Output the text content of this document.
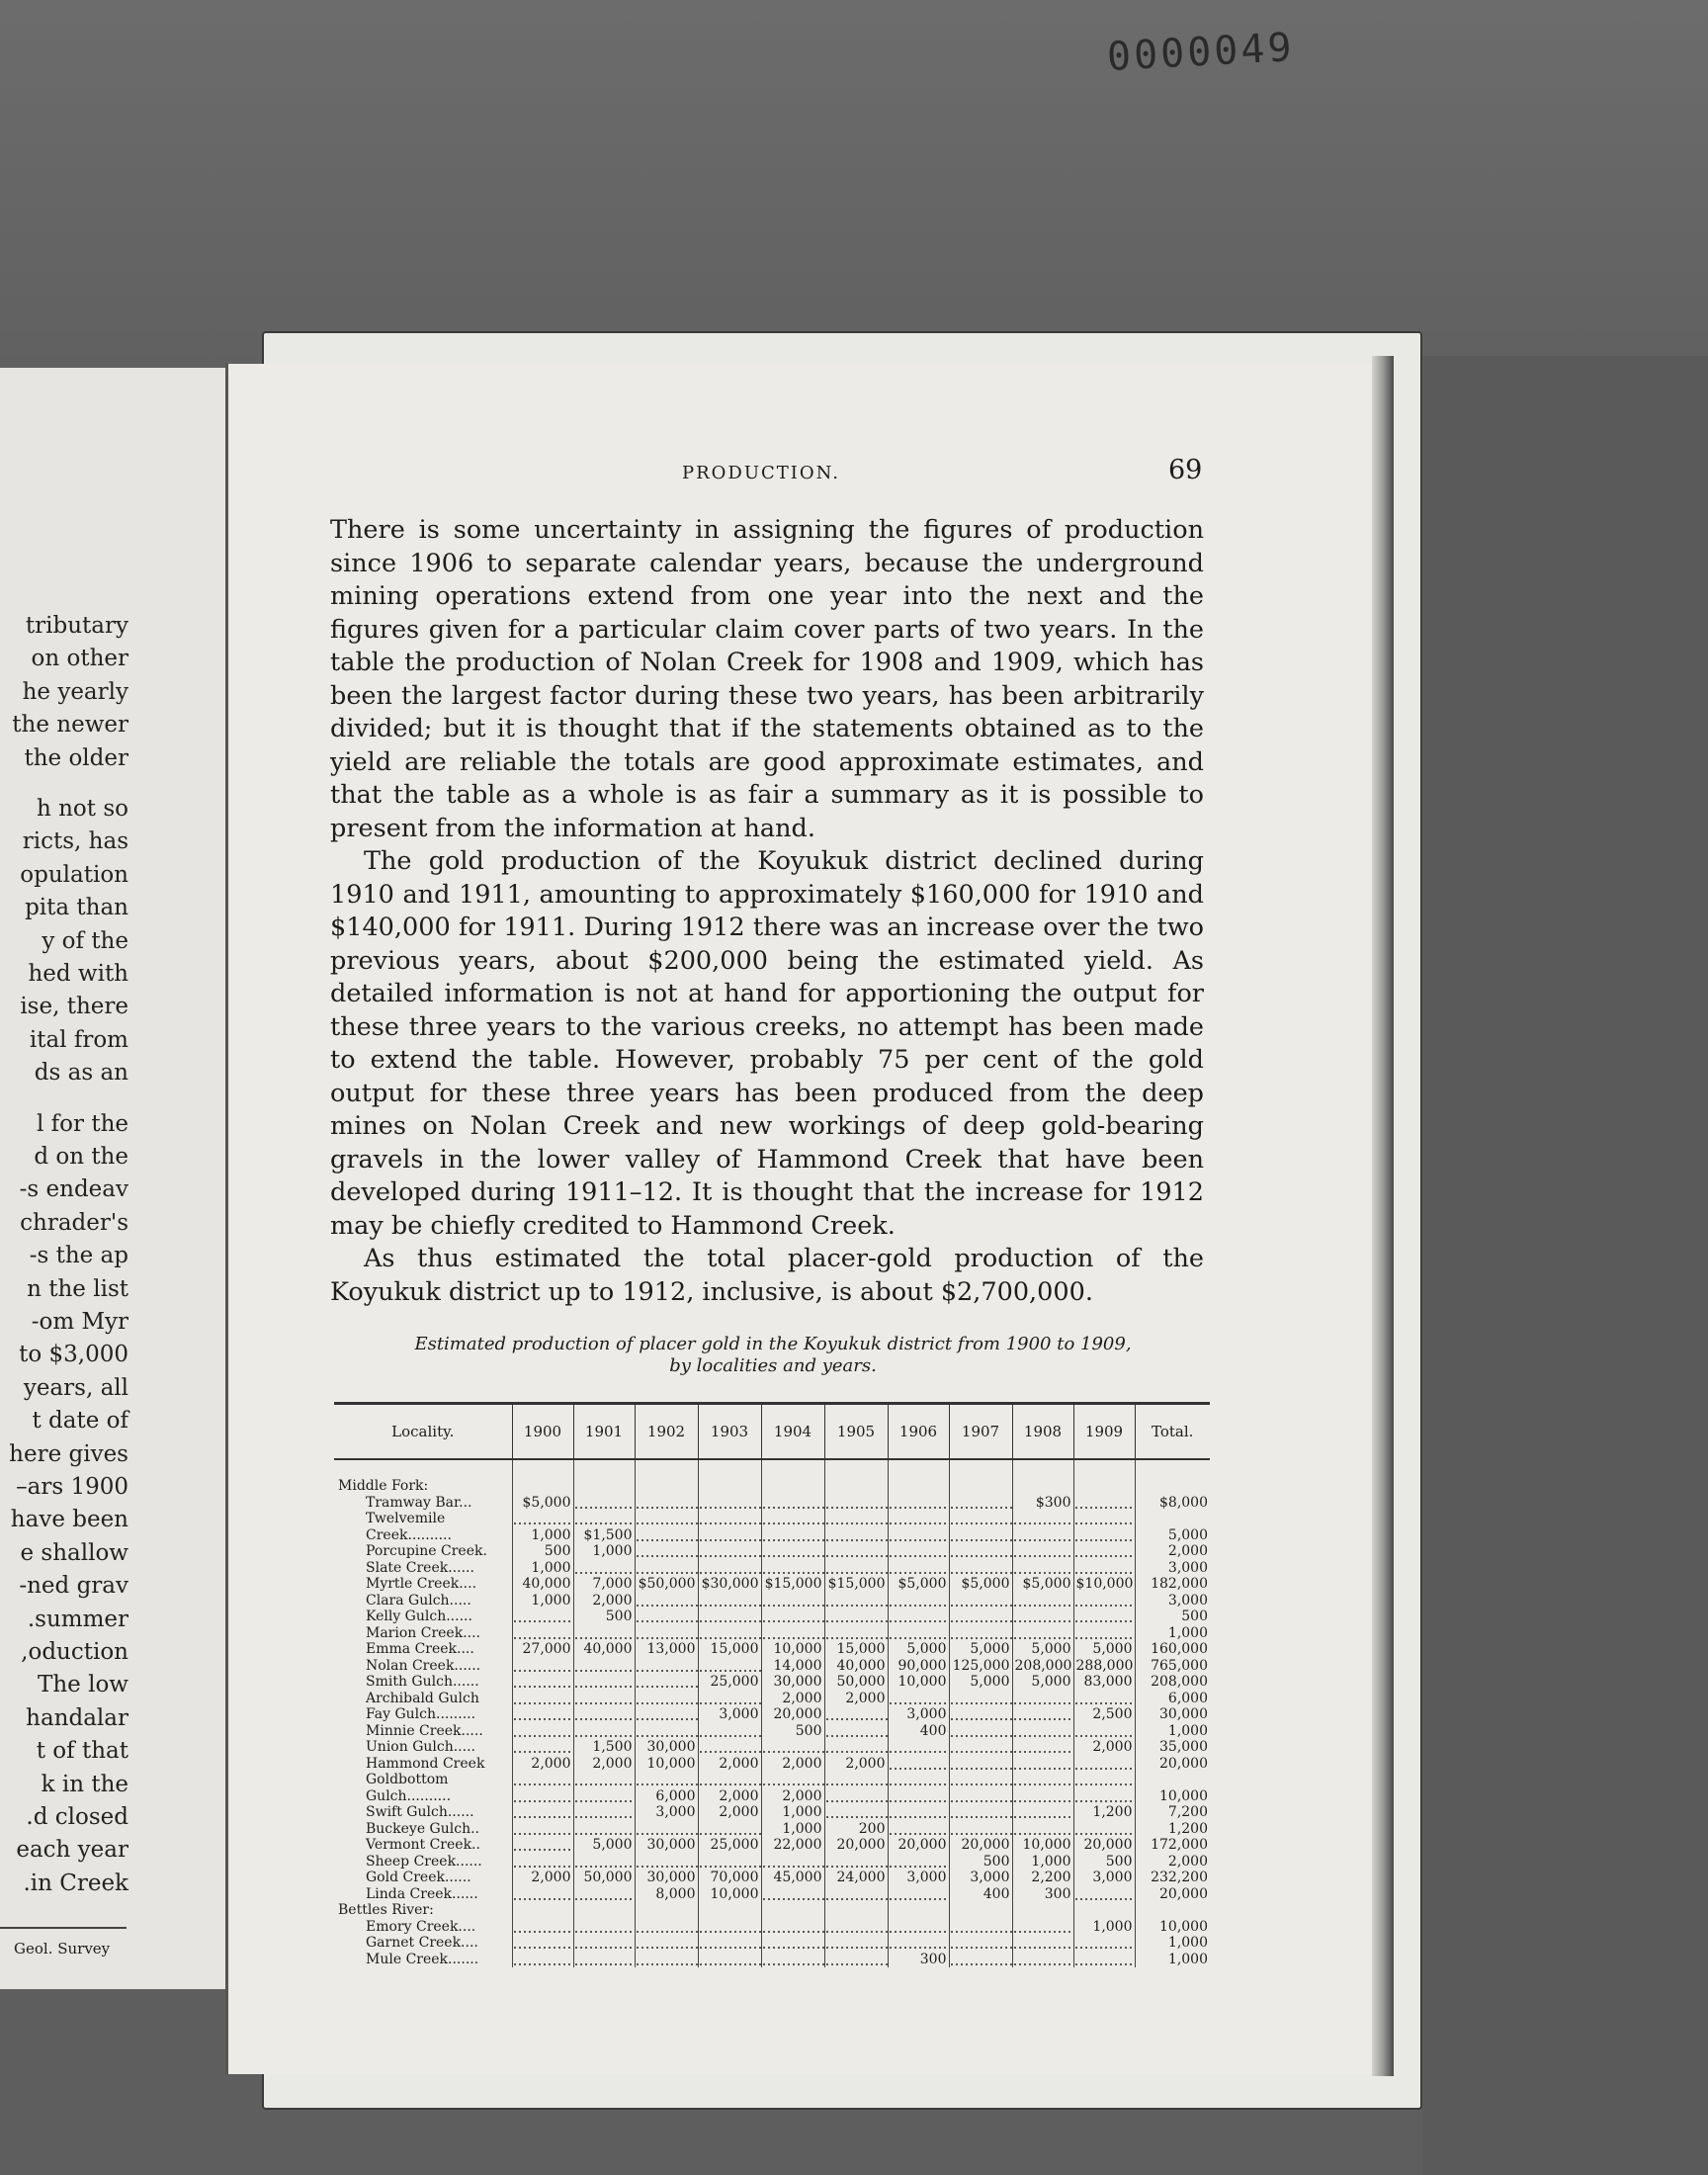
0000049
tributary
on other
he yearly
the newer
the older
h not so
ricts, has
opulation
pita than
y of the
hed with
ise, there
ital from
ds as an
l for the
d on the
s endeav-
chrader's
s the ap-
n the list
om Myr-
$3,000 to
years, all
t date of
here gives
ars 1900–
have been
e shallow
ned grav-
summer.
oduction,
The low
handalar
t of that
k in the
d closed.
each year
in Creek.
Geol. Survey
PRODUCTION.	69

There is some uncertainty in assigning the figures of production since 1906 to separate calendar years, because the underground mining operations extend from one year into the next and the figures given for a particular claim cover parts of two years. In the table the production of Nolan Creek for 1908 and 1909, which has been the largest factor during these two years, has been arbitrarily divided; but it is thought that if the statements obtained as to the yield are reliable the totals are good approximate estimates, and that the table as a whole is as fair a summary as it is possible to present from the information at hand.

The gold production of the Koyukuk district declined during 1910 and 1911, amounting to approximately $160,000 for 1910 and $140,000 for 1911. During 1912 there was an increase over the two previous years, about $200,000 being the estimated yield. As detailed information is not at hand for apportioning the output for these three years to the various creeks, no attempt has been made to extend the table. However, probably 75 per cent of the gold output for these three years has been produced from the deep mines on Nolan Creek and new workings of deep gold-bearing gravels in the lower valley of Hammond Creek that have been developed during 1911–12. It is thought that the increase for 1912 may be chiefly credited to Hammond Creek.

As thus estimated the total placer-gold production of the Koyukuk district up to 1912, inclusive, is about $2,700,000.

Estimated production of placer gold in the Koyukuk district from 1900 to 1909,
by localities and years.
Locality.	1900	1901	1902	1903	1904	1905	1906	1907	1908	1909	Total.
Middle Fork:											
Tramway Bar...	$5,000								$300		$8,000
Twelvemile											
Creek..........	1,000	$1,500									5,000
Porcupine Creek.	500	1,000									2,000
Slate Creek......	1,000										3,000
Myrtle Creek....	40,000	7,000	$50,000	$30,000	$15,000	$15,000	$5,000	$5,000	$5,000	$10,000	182,000
Clara Gulch.....	1,000	2,000									3,000
Kelly Gulch......		500									500
Marion Creek....											1,000
Emma Creek....	27,000	40,000	13,000	15,000	10,000	15,000	5,000	5,000	5,000	5,000	160,000
Nolan Creek......					14,000	40,000	90,000	125,000	208,000	288,000	765,000
Smith Gulch......				25,000	30,000	50,000	10,000	5,000	5,000	83,000	208,000
Archibald Gulch					2,000	2,000					6,000
Fay Gulch.........				3,000	20,000		3,000			2,500	30,000
Minnie Creek.....					500		400				1,000
Union Gulch.....		1,500	30,000							2,000	35,000
Hammond Creek	2,000	2,000	10,000	2,000	2,000	2,000					20,000
Goldbottom											
Gulch..........			6,000	2,000	2,000						10,000
Swift Gulch......			3,000	2,000	1,000					1,200	7,200
Buckeye Gulch..					1,000	200					1,200
Vermont Creek..		5,000	30,000	25,000	22,000	20,000	20,000	20,000	10,000	20,000	172,000
Sheep Creek......								500	1,000	500	2,000
Gold Creek......	2,000	50,000	30,000	70,000	45,000	24,000	3,000	3,000	2,200	3,000	232,200
Linda Creek......			8,000	10,000				400	300		20,000
Bettles River:											
Emory Creek....										1,000	10,000
Garnet Creek....											1,000
Mule Creek.......							300				1,000
